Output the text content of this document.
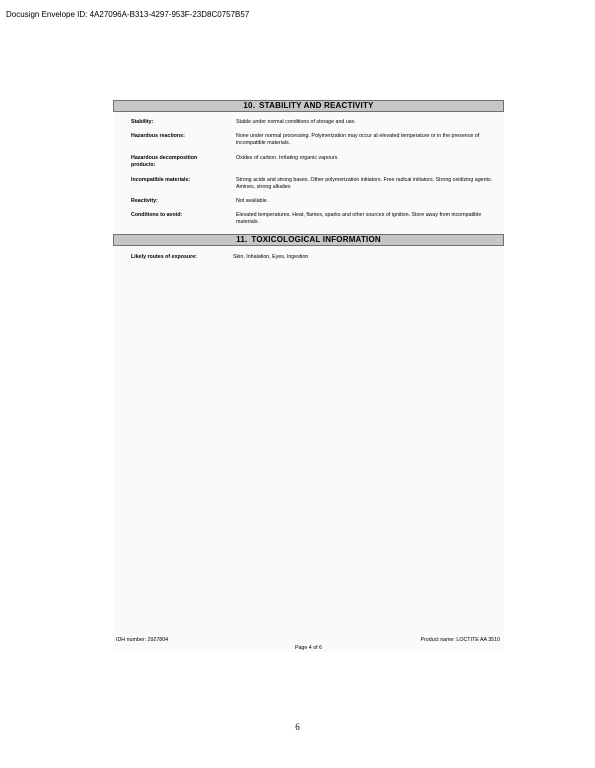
Docusign Envelope ID: 4A27096A-B313-4297-953F-23D8C0757B57
10. STABILITY AND REACTIVITY
Stability:	Stable under normal conditions of storage and use.
Hazardous reactions:	None under normal processing. Polymerization may occur at elevated temperature or in the presence of incompatible materials.
Hazardous decomposition products:
Oxides of carbon. Irritating organic vapours.
Incompatible materials:	Strong acids and strong bases. Other polymerization initiators. Free radical initiators. Strong oxidizing agents. Amines, strong alkalies
Reactivity:	Not available.
Conditions to avoid:	Elevated temperatures. Heat, flames, sparks and other sources of ignition. Store away from incompatible materials.
11. TOXICOLOGICAL INFORMATION
Likely routes of exposure:	Skin, Inhalation, Eyes, Ingestion
IDH number: 2927804
Page 4 of 6
Product name: LOCTITE AA 3510
6
